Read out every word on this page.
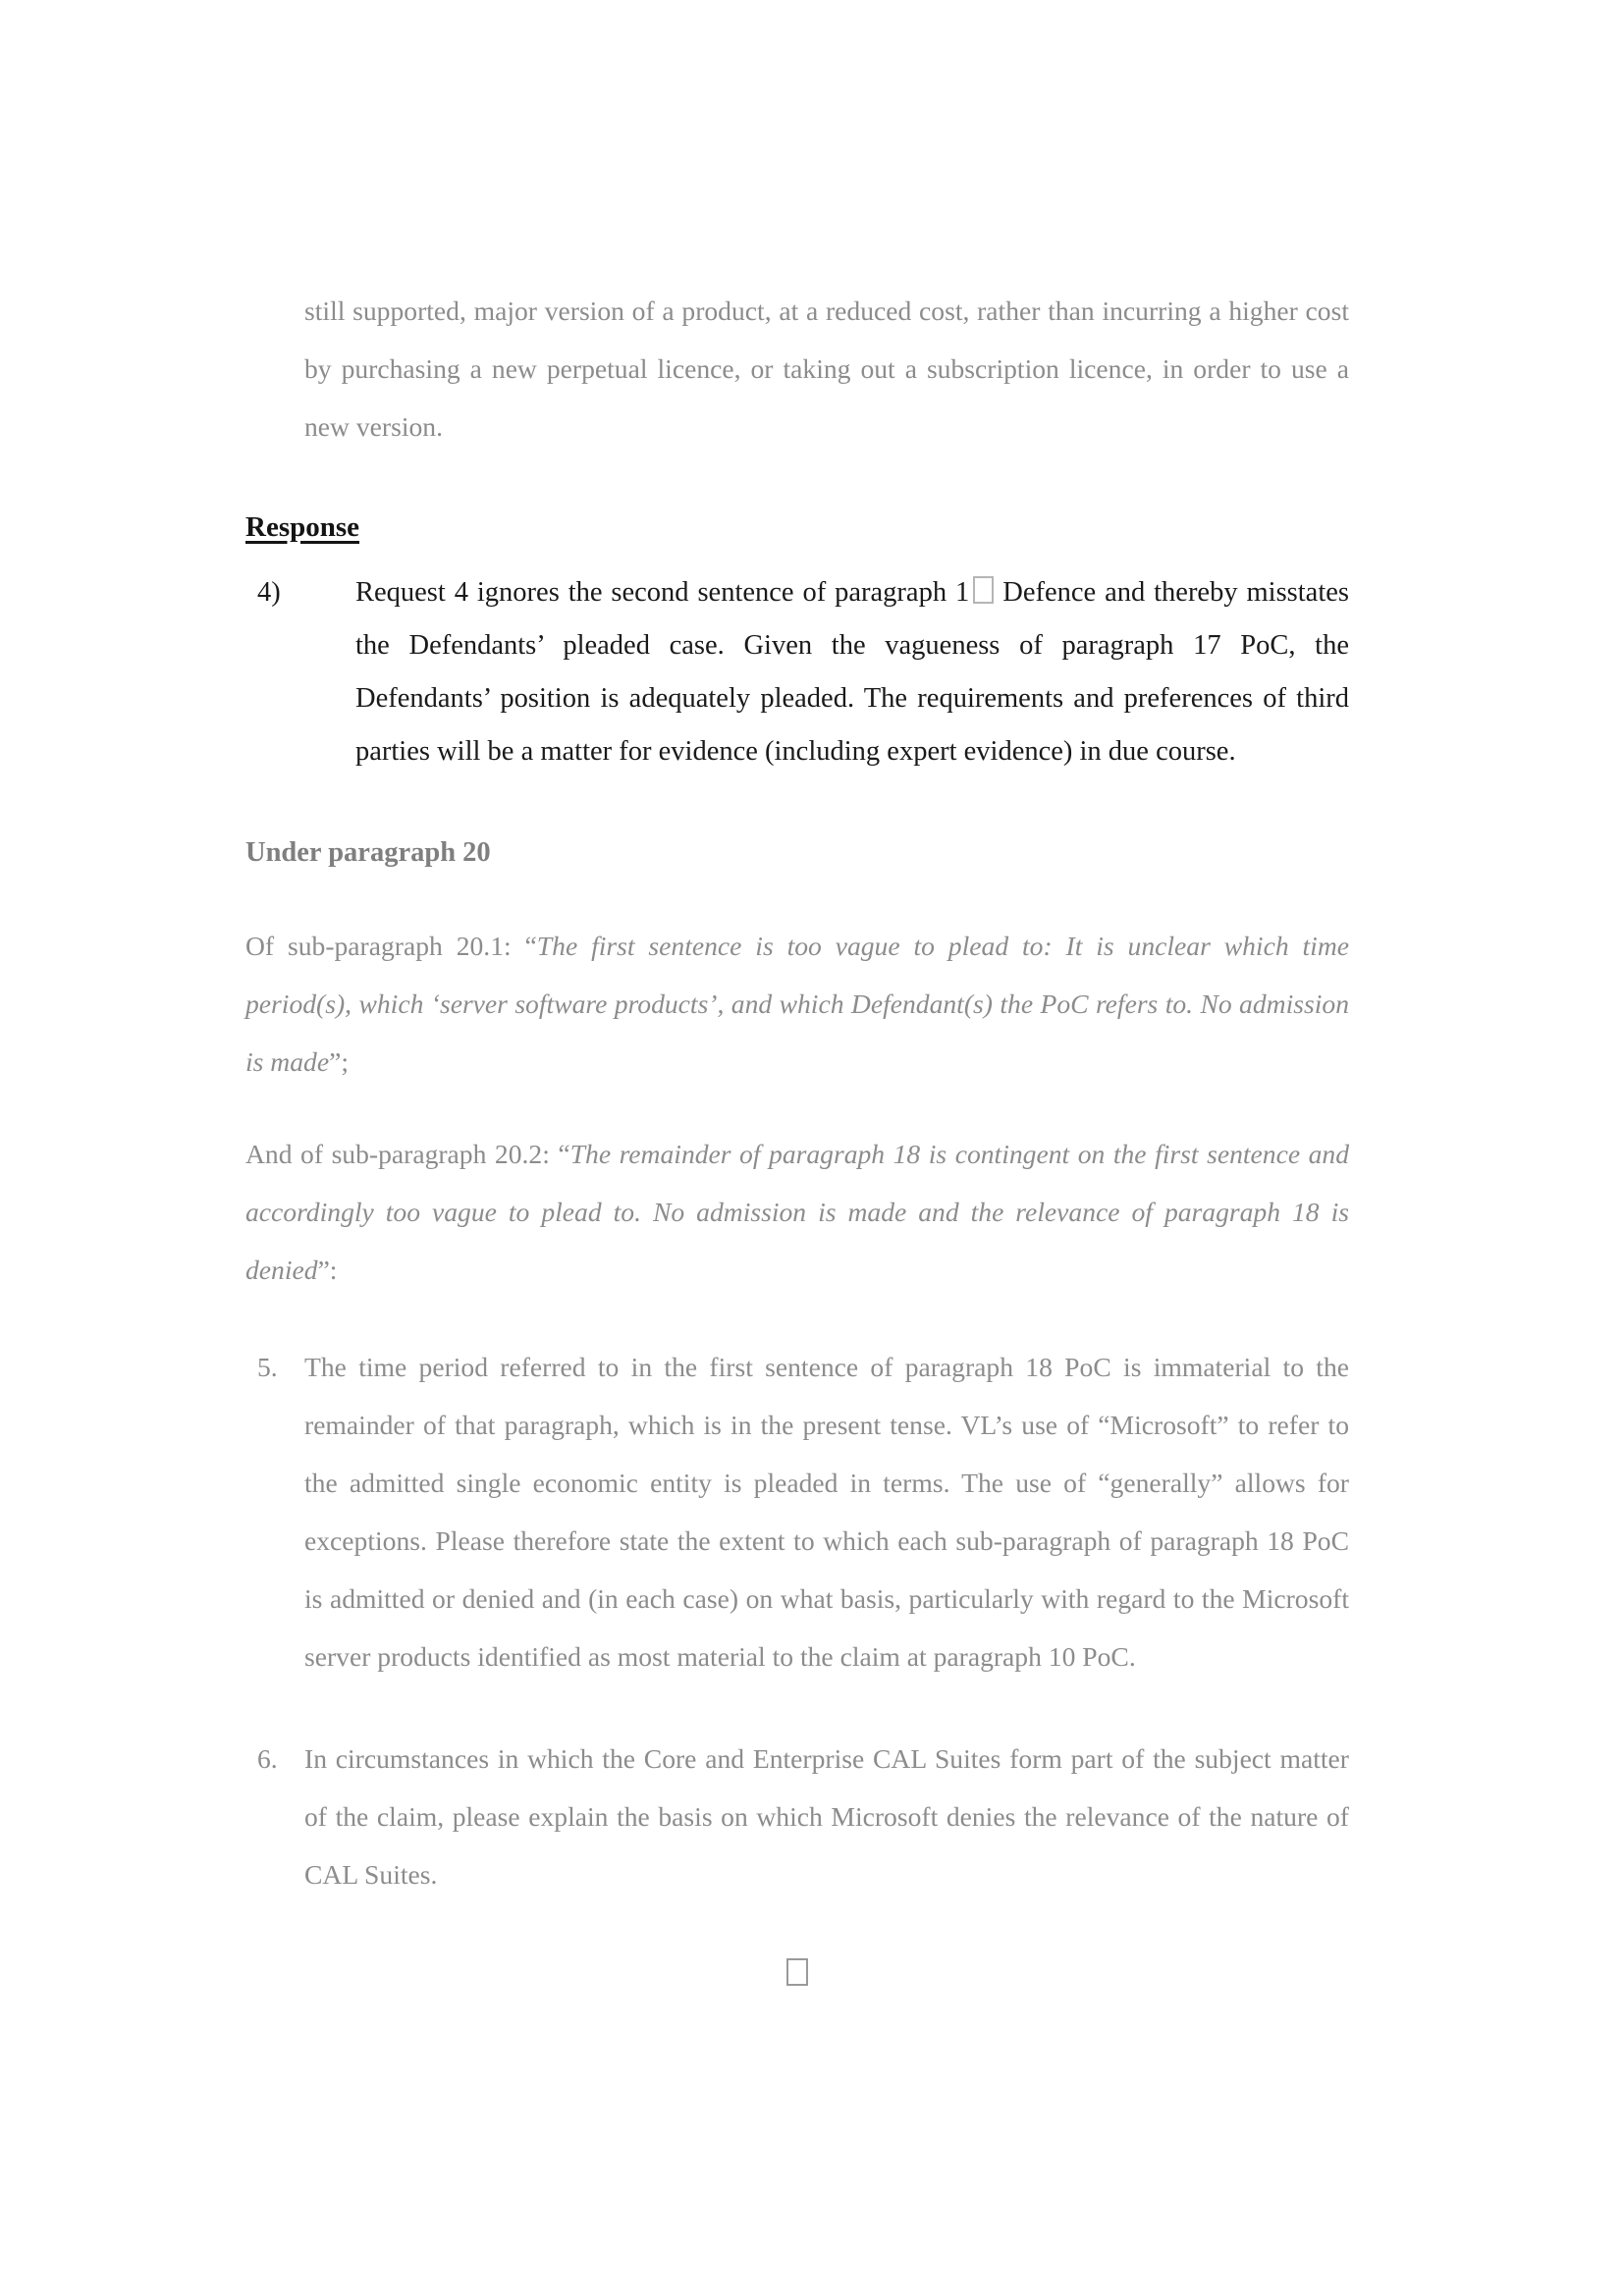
still supported, major version of a product, at a reduced cost, rather than incurring a higher cost by purchasing a new perpetual licence, or taking out a subscription licence, in order to use a new version.

Response
4)	Request 4 ignores the second sentence of paragraph 1 Defence and thereby misstates the Defendants’ pleaded case. Given the vagueness of paragraph 17 PoC, the Defendants’ position is adequately pleaded. The requirements and preferences of third parties will be a matter for evidence (including expert evidence) in due course.
Under paragraph 20

Of sub-paragraph 20.1: “The first sentence is too vague to plead to: It is unclear which time period(s), which ‘server software products’, and which Defendant(s) the PoC refers to. No admission is made”;

And of sub-paragraph 20.2: “The remainder of paragraph 18 is contingent on the first sentence and accordingly too vague to plead to. No admission is made and the relevance of paragraph 18 is denied”:

5. The time period referred to in the first sentence of paragraph 18 PoC is immaterial to the remainder of that paragraph, which is in the present tense. VL’s use of “Microsoft” to refer to the admitted single economic entity is pleaded in terms. The use of “generally” allows for exceptions. Please therefore state the extent to which each sub-paragraph of paragraph 18 PoC is admitted or denied and (in each case) on what basis, particularly with regard to the Microsoft server products identified as most material to the claim at paragraph 10 PoC.
6. In circumstances in which the Core and Enterprise CAL Suites form part of the subject matter of the claim, please explain the basis on which Microsoft denies the relevance of the nature of CAL Suites.
